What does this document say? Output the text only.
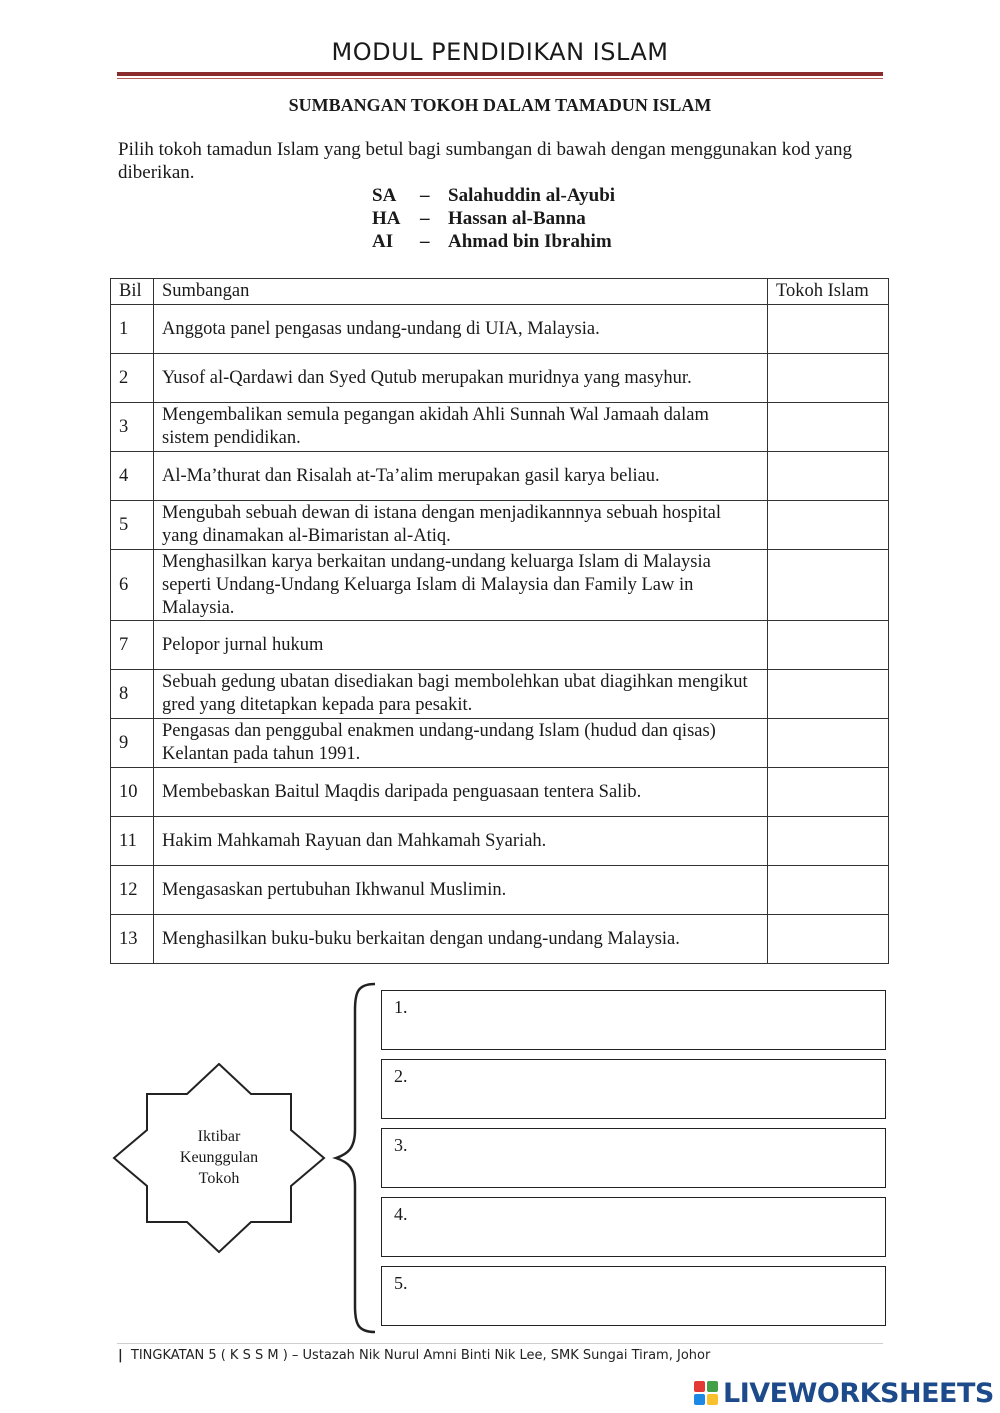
MODUL PENDIDIKAN ISLAM
SUMBANGAN TOKOH DALAM TAMADUN ISLAM
Pilih tokoh tamadun Islam yang betul bagi sumbangan di bawah dengan menggunakan kod yang diberikan.
SA	– Salahuddin al-Ayubi
HA	– Hassan al-Banna
AI	– Ahmad bin Ibrahim
Bil	Sumbangan	Tokoh Islam
1	Anggota panel pengasas undang-undang di UIA, Malaysia.	
2	Yusof al-Qardawi dan Syed Qutub merupakan muridnya yang masyhur.	
3	Mengembalikan semula pegangan akidah Ahli Sunnah Wal Jamaah dalam sistem pendidikan.	
4	Al-Ma’thurat dan Risalah at-Ta’alim merupakan gasil karya beliau.	
5	Mengubah sebuah dewan di istana dengan menjadikannnya sebuah hospital yang dinamakan al-Bimaristan al-Atiq.	
6	Menghasilkan karya berkaitan undang-undang keluarga Islam di Malaysia seperti Undang-Undang Keluarga Islam di Malaysia dan Family Law in Malaysia.	
7	Pelopor jurnal hukum	
8	Sebuah gedung ubatan disediakan bagi membolehkan ubat diagihkan mengikut gred yang ditetapkan kepada para pesakit.	
9	Pengasas dan penggubal enakmen undang-undang Islam (hudud dan qisas) Kelantan pada tahun 1991.	
10	Membebaskan Baitul Maqdis daripada penguasaan tentera Salib.	
11	Hakim Mahkamah Rayuan dan Mahkamah Syariah.	
12	Mengasaskan pertubuhan Ikhwanul Muslimin.	
13	Menghasilkan buku-buku berkaitan dengan undang-undang Malaysia.	
Iktibar
Keunggulan
Tokoh
1.
2.
3.
4.
5.
| TINGKATAN 5 ( K S S M ) – Ustazah Nik Nurul Amni Binti Nik Lee, SMK Sungai Tiram, Johor
LIVEWORKSHEETS
